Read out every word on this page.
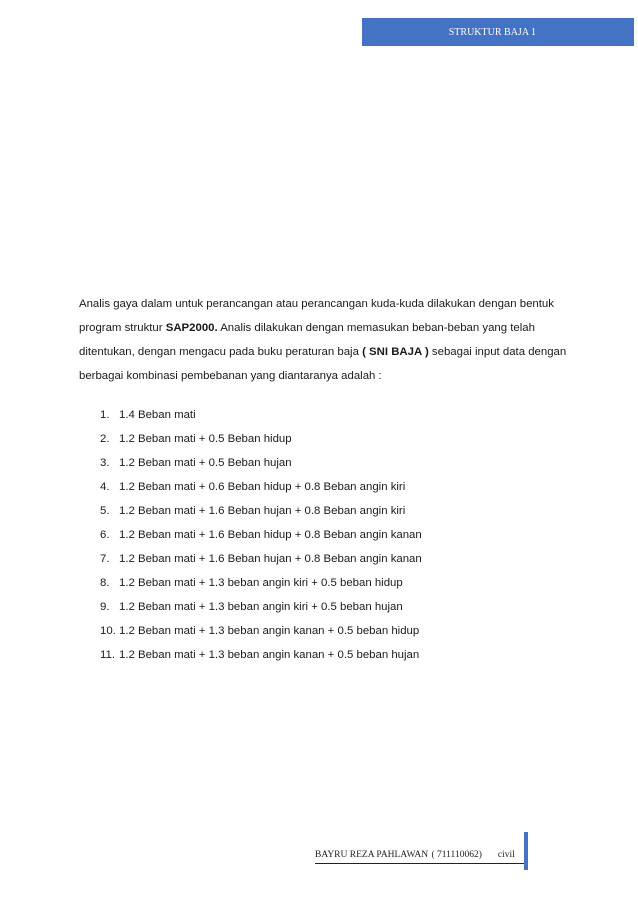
STRUKTUR BAJA 1

Analis gaya dalam untuk perancangan atau perancangan kuda-kuda dilakukan dengan bentuk program struktur SAP2000. Analis dilakukan dengan memasukan beban-beban yang telah ditentukan, dengan mengacu pada buku peraturan baja ( SNI BAJA ) sebagai input data dengan berbagai kombinasi pembebanan yang diantaranya adalah :

1. 1.4 Beban mati
2. 1.2 Beban mati + 0.5 Beban hidup
3. 1.2 Beban mati + 0.5 Beban hujan
4. 1.2 Beban mati + 0.6 Beban hidup + 0.8 Beban angin kiri
5. 1.2 Beban mati + 1.6 Beban hujan + 0.8 Beban angin kiri
6. 1.2 Beban mati + 1.6 Beban hidup + 0.8 Beban angin kanan
7. 1.2 Beban mati + 1.6 Beban hujan + 0.8 Beban angin kanan
8. 1.2 Beban mati + 1.3 beban angin kiri + 0.5 beban hidup
9. 1.2 Beban mati + 1.3 beban angin kiri + 0.5 beban hujan
10. 1.2 Beban mati + 1.3 beban angin kanan + 0.5 beban hidup
11. 1.2 Beban mati + 1.3 beban angin kanan + 0.5 beban hujan
BAYRU REZA PAHLAWAN ( 711110062) civil
